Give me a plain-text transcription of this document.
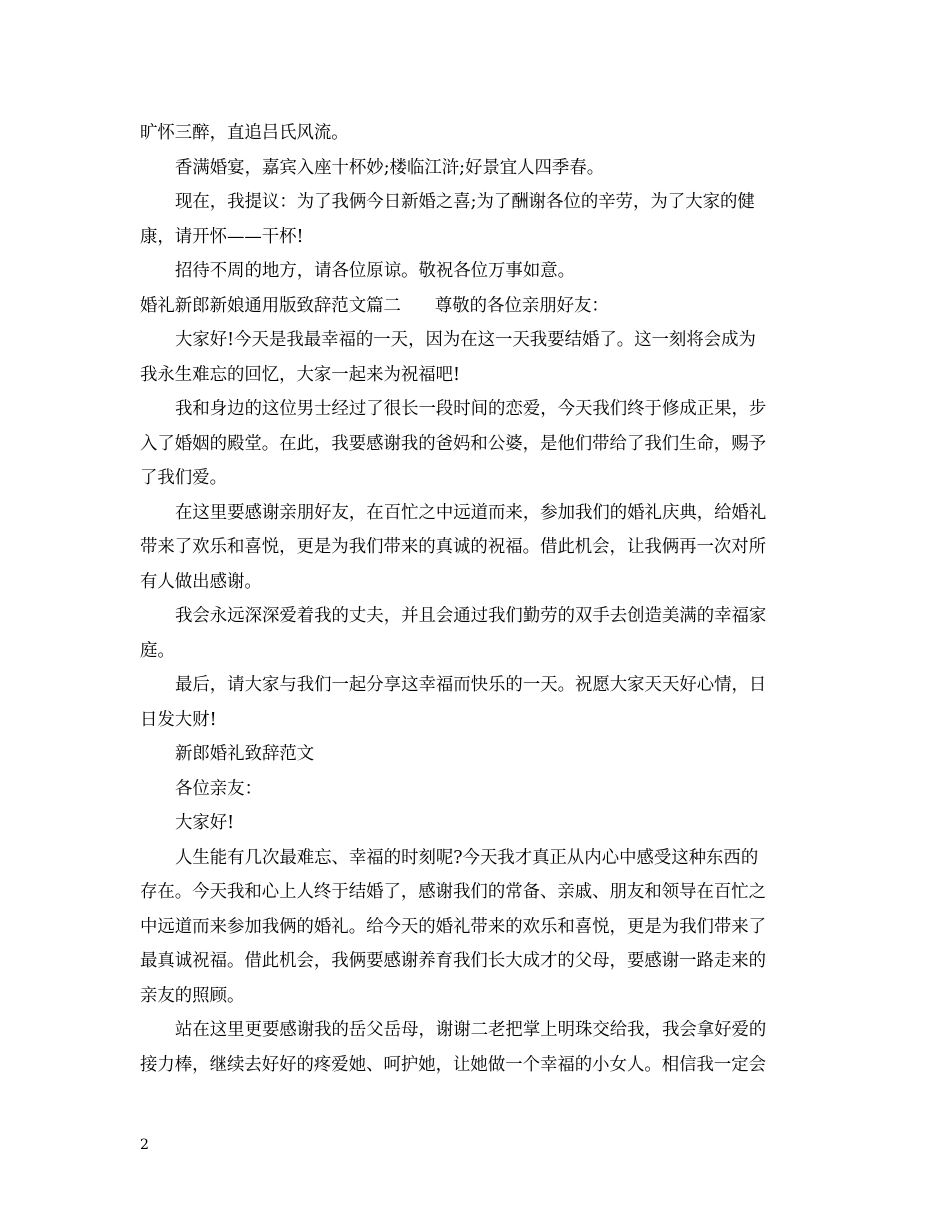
旷怀三醉，直追吕氏风流。
香满婚宴，嘉宾入座十杯妙;楼临江浒;好景宜人四季春。
现在，我提议：为了我俩今日新婚之喜;为了酬谢各位的辛劳，为了大家的健
康，请开怀——干杯!
招待不周的地方，请各位原谅。敬祝各位万事如意。
婚礼新郎新娘通用版致辞范文篇二 尊敬的各位亲朋好友：
大家好!今天是我最幸福的一天，因为在这一天我要结婚了。这一刻将会成为
我永生难忘的回忆，大家一起来为祝福吧!
我和身边的这位男士经过了很长一段时间的恋爱，今天我们终于修成正果，步
入了婚姻的殿堂。在此，我要感谢我的爸妈和公婆，是他们带给了我们生命，赐予
了我们爱。
在这里要感谢亲朋好友，在百忙之中远道而来，参加我们的婚礼庆典，给婚礼
带来了欢乐和喜悦，更是为我们带来的真诚的祝福。借此机会，让我俩再一次对所
有人做出感谢。
我会永远深深爱着我的丈夫，并且会通过我们勤劳的双手去创造美满的幸福家
庭。
最后，请大家与我们一起分享这幸福而快乐的一天。祝愿大家天天好心情，日
日发大财!
新郎婚礼致辞范文
各位亲友：
大家好!
人生能有几次最难忘、幸福的时刻呢?今天我才真正从内心中感受这种东西的
存在。今天我和心上人终于结婚了，感谢我们的常备、亲戚、朋友和领导在百忙之
中远道而来参加我俩的婚礼。给今天的婚礼带来的欢乐和喜悦，更是为我们带来了
最真诚祝福。借此机会，我俩要感谢养育我们长大成才的父母，要感谢一路走来的
亲友的照顾。
站在这里更要感谢我的岳父岳母，谢谢二老把掌上明珠交给我，我会拿好爱的
接力棒，继续去好好的疼爱她、呵护她，让她做一个幸福的小女人。相信我一定会
2
